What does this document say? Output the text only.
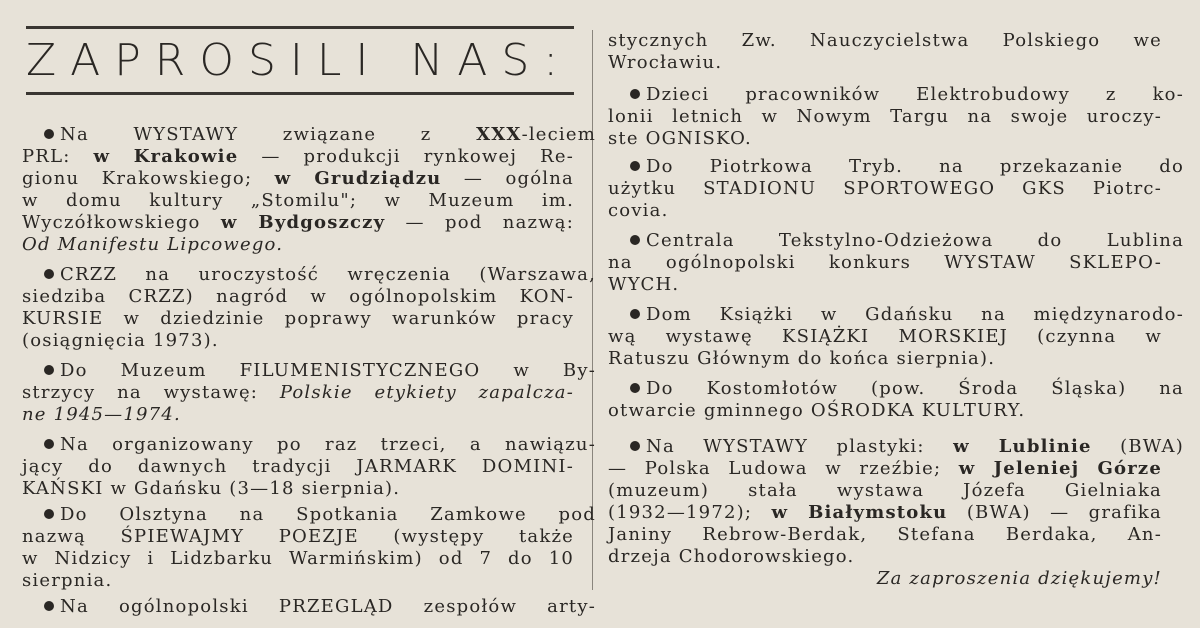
ZAPROSILI NAS:
Na WYSTAWY związane z XXX-leciem
PRL: w Krakowie — produkcji rynkowej Re-
gionu Krakowskiego; w Grudziądzu — ogólna
w domu kultury „Stomilu"; w Muzeum im.
Wyczółkowskiego w Bydgoszczy — pod nazwą:
Od Manifestu Lipcowego.
CRZZ na uroczystość wręczenia (Warszawa,
siedziba CRZZ) nagród w ogólnopolskim KON-
KURSIE w dziedzinie poprawy warunków pracy
(osiągnięcia 1973).
Do Muzeum FILUMENISTYCZNEGO w By-
strzycy na wystawę: Polskie etykiety zapalcza-
ne 1945—1974.
Na organizowany po raz trzeci, a nawiązu-
jący do dawnych tradycji JARMARK DOMINI-
KAŃSKI w Gdańsku (3—18 sierpnia).
Do Olsztyna na Spotkania Zamkowe pod
nazwą ŚPIEWAJMY POEZJE (występy także
w Nidzicy i Lidzbarku Warmińskim) od 7 do 10
sierpnia.
Na ogólnopolski PRZEGLĄD zespołów arty-
stycznych Zw. Nauczycielstwa Polskiego we
Wrocławiu.
Dzieci pracowników Elektrobudowy z ko-
lonii letnich w Nowym Targu na swoje uroczy-
ste OGNISKO.
Do Piotrkowa Tryb. na przekazanie do
użytku STADIONU SPORTOWEGO GKS Piotrc-
covia.
Centrala Tekstylno-Odzieżowa do Lublina
na ogólnopolski konkurs WYSTAW SKLEPO-
WYCH.
Dom Książki w Gdańsku na międzynarodo-
wą wystawę KSIĄŻKI MORSKIEJ (czynna w
Ratuszu Głównym do końca sierpnia).
Do Kostomłotów (pow. Środa Śląska) na
otwarcie gminnego OŚRODKA KULTURY.
Na WYSTAWY plastyki: w Lublinie (BWA)
— Polska Ludowa w rzeźbie; w Jeleniej Górze
(muzeum) stała wystawa Józefa Gielniaka
(1932—1972); w Białymstoku (BWA) — grafika
Janiny Rebrow-Berdak, Stefana Berdaka, An-
drzeja Chodorowskiego.
Za zaproszenia dziękujemy!
